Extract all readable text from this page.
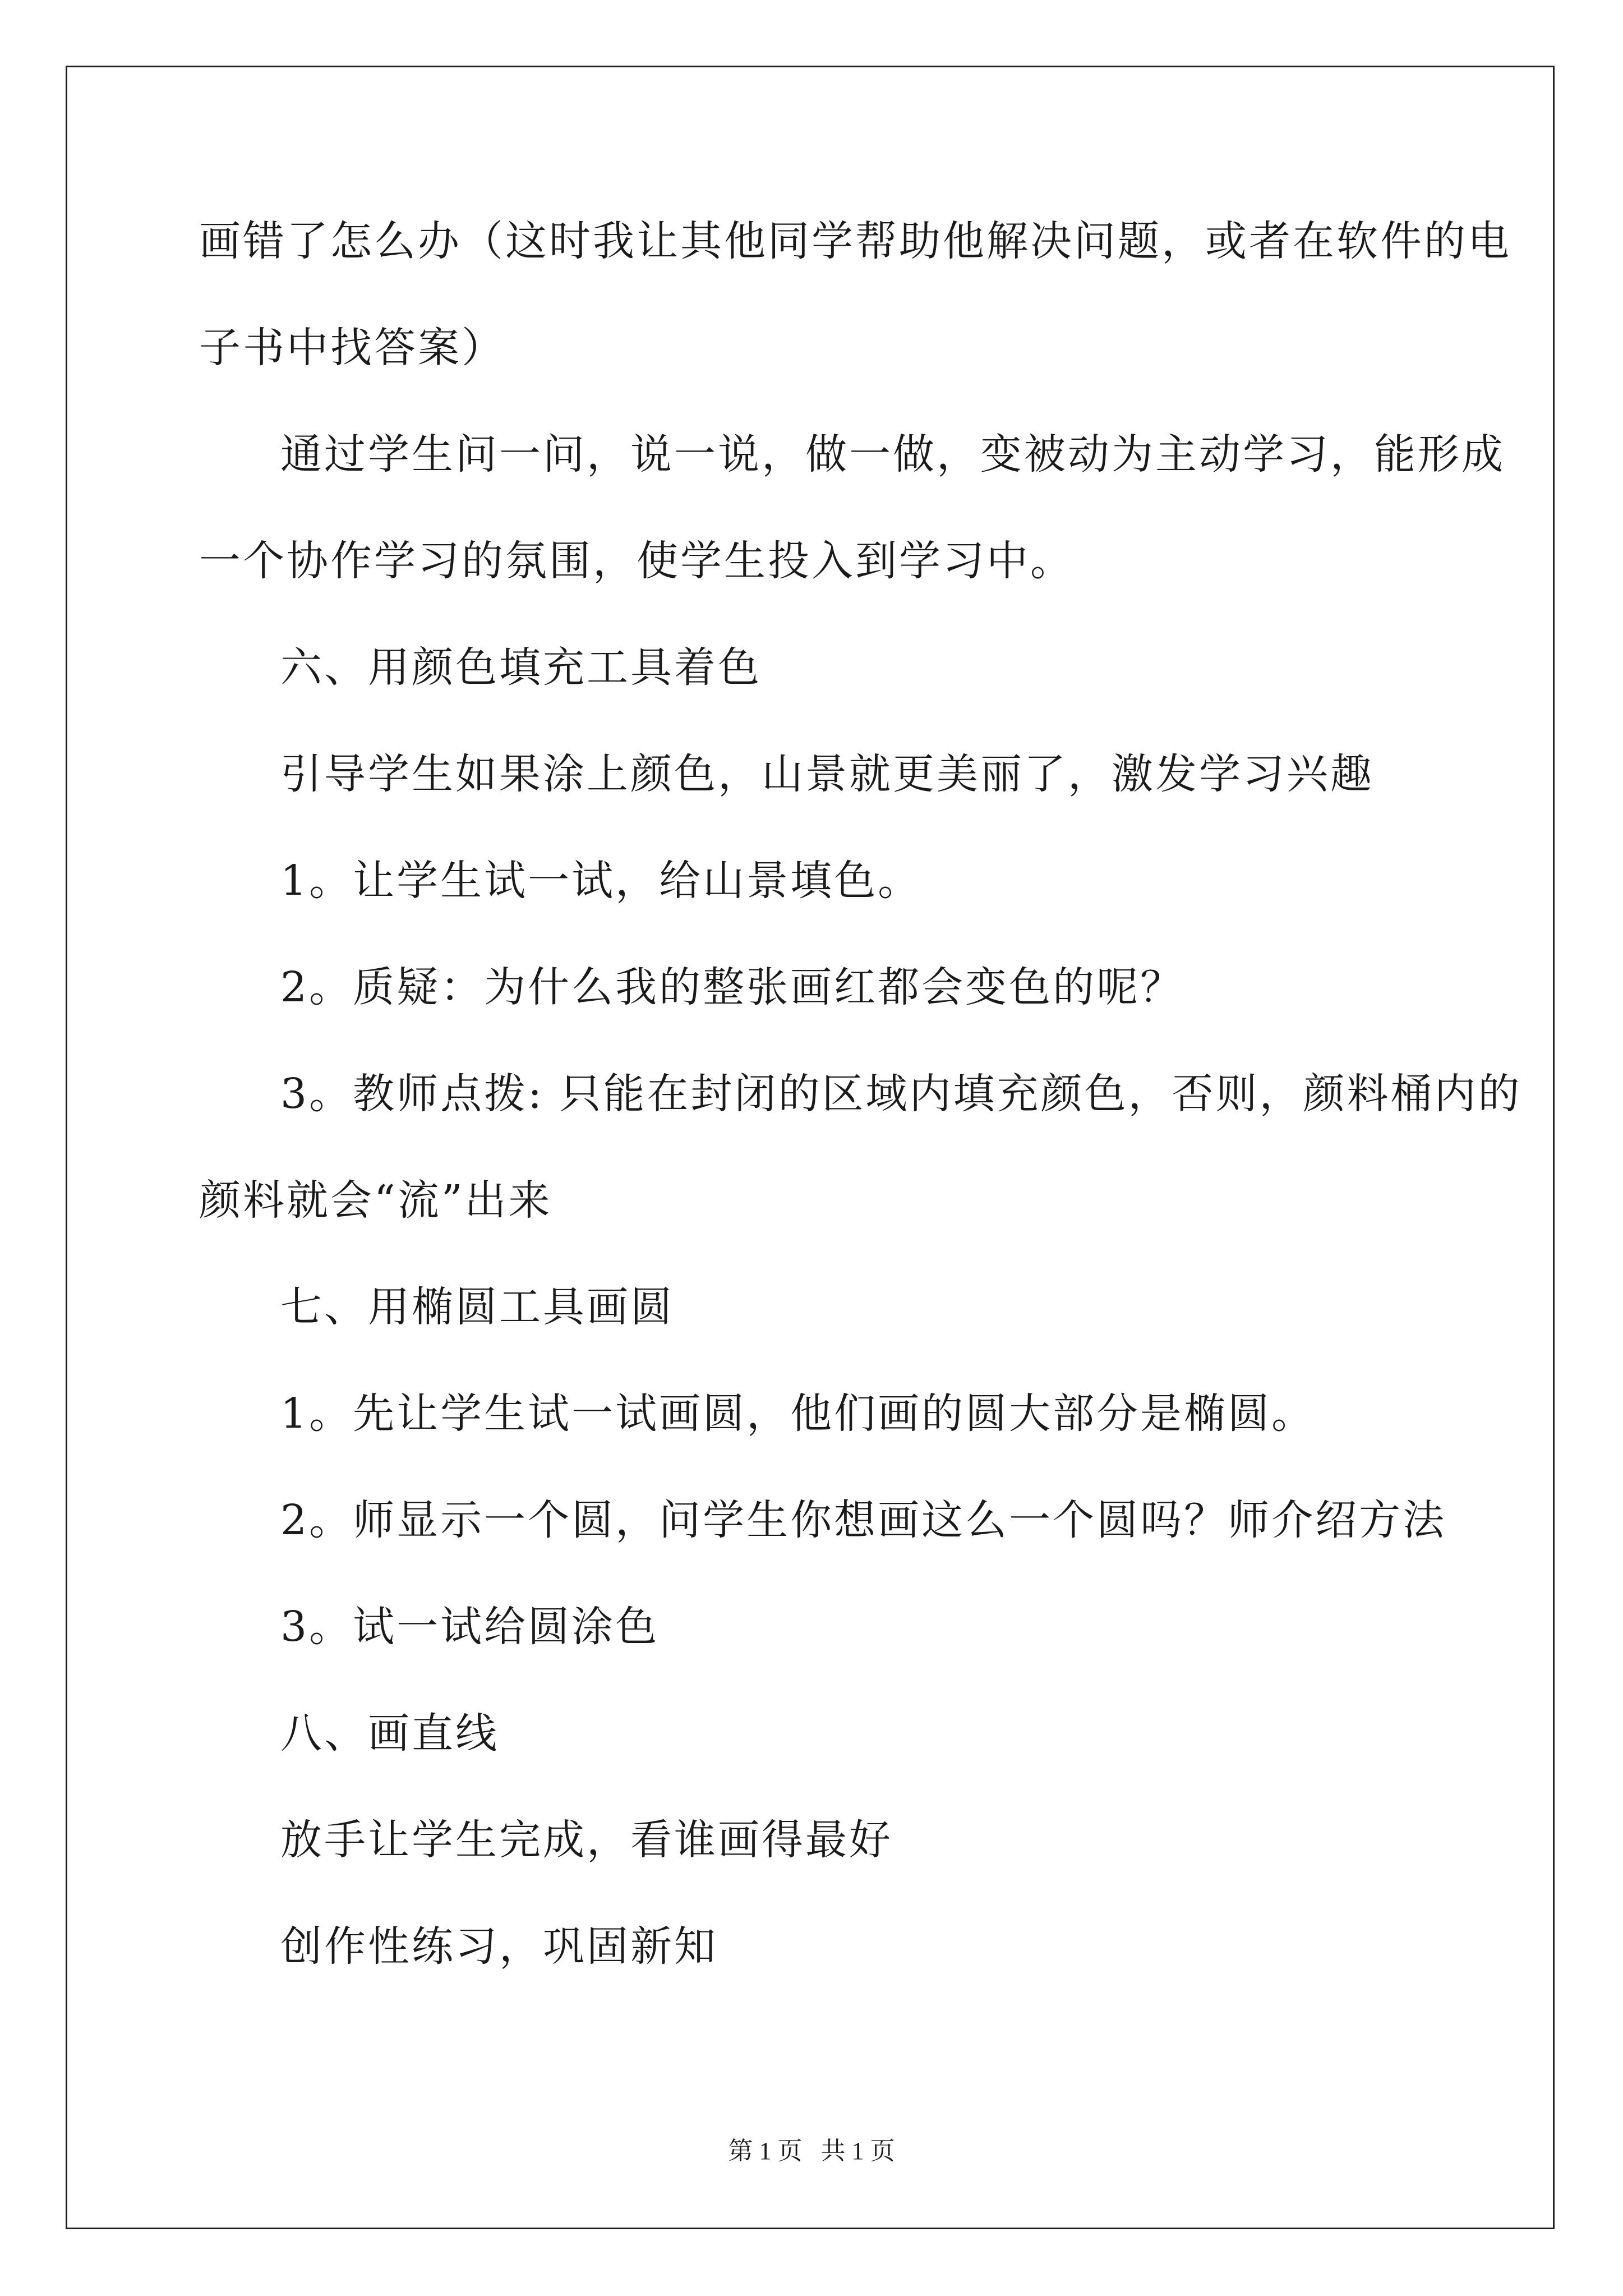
画错了怎么办（这时我让其他同学帮助他解决问题，或者在软件的电
子书中找答案）
通过学生问一问，说一说，做一做，变被动为主动学习，能形成
一个协作学习的氛围，使学生投入到学习中。
六、用颜色填充工具着色
引导学生如果涂上颜色，山景就更美丽了，激发学习兴趣
1。让学生试一试，给山景填色。
2。质疑：为什么我的整张画红都会变色的呢？
3。教师点拨: 只能在封闭的区域内填充颜色，否则，颜料桶内的
颜料就会“流”出来
七、用椭圆工具画圆
1。先让学生试一试画圆，他们画的圆大部分是椭圆。
2。师显示一个圆，问学生你想画这么一个圆吗？师介绍方法
3。试一试给圆涂色
八、画直线
放手让学生完成，看谁画得最好
创作性练习，巩固新知
第 1 页   共 1 页
